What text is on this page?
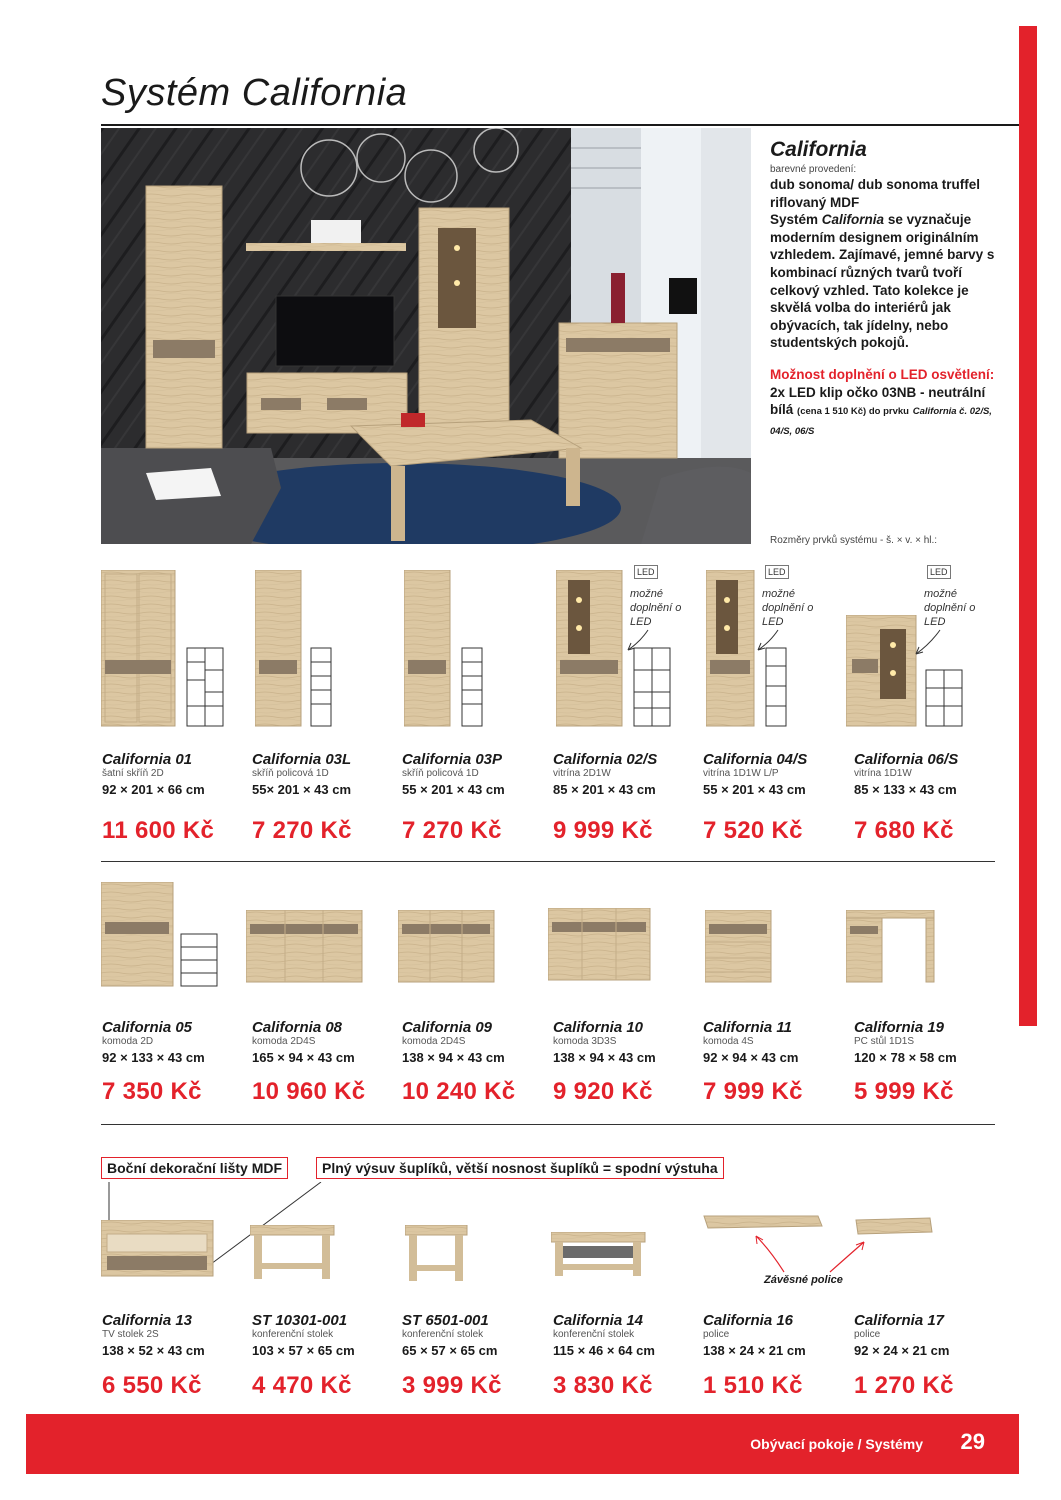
Systém California
California
barevné provedení:
dub sonoma/ dub sonoma truffel
riflovaný MDF
Systém California se vyznačuje moderním designem originálním vzhledem. Zajímavé, jemné barvy s kombinací různých tvarů tvoří celkový vzhled. Tato kolekce je skvělá volba do interiérů jak obývacích, tak jídelny, nebo studentských pokojů.
Možnost doplnění o LED osvětlení:
2x LED klip očko 03NB - neutrální bílá (cena 1 510 Kč) do prvku California č. 02/S, 04/S, 06/S
Rozměry prvků systému - š. × v. × hl.:
LED
možné doplnění o LED
LED
možné doplnění o LED
LED
možné doplnění o LED
Boční dekorační lišty MDF	Plný výsuv šuplíků, větší nosnost šuplíků = spodní výstuha
Závěsné police
California 01
šatní skříň 2D
92 × 201 × 66 cm
11 600 Kč
California 03L
skříň policová 1D
55× 201 × 43 cm
7 270 Kč
California 03P
skříň policová 1D
55 × 201 × 43 cm
7 270 Kč
California 02/S
vitrína 2D1W
85 × 201 × 43 cm
9 999 Kč
California 04/S
vitrína 1D1W L/P
55 × 201 × 43 cm
7 520 Kč
California 06/S
vitrína 1D1W
85 × 133 × 43 cm
7 680 Kč
California 05
komoda 2D
92 × 133 × 43 cm
7 350 Kč
California 08
komoda 2D4S
165 × 94 × 43 cm
10 960 Kč
California 09
komoda 2D4S
138 × 94 × 43 cm
10 240 Kč
California 10
komoda 3D3S
138 × 94 × 43 cm
9 920 Kč
California 11
komoda 4S
92 × 94 × 43 cm
7 999 Kč
California 19
PC stůl 1D1S
120 × 78 × 58 cm
5 999 Kč
California 13
TV stolek 2S
138 × 52 × 43 cm
6 550 Kč
ST 10301-001
konferenční stolek
103 × 57 × 65 cm
4 470 Kč
ST 6501-001
konferenční stolek
65 × 57 × 65 cm
3 999 Kč
California 14
konferenční stolek
115 × 46 × 64 cm
3 830 Kč
California 16
police
138 × 24 × 21 cm
1 510 Kč
California 17
police
92 × 24 × 21 cm
1 270 Kč
Obývací pokoje / Systémy 29
